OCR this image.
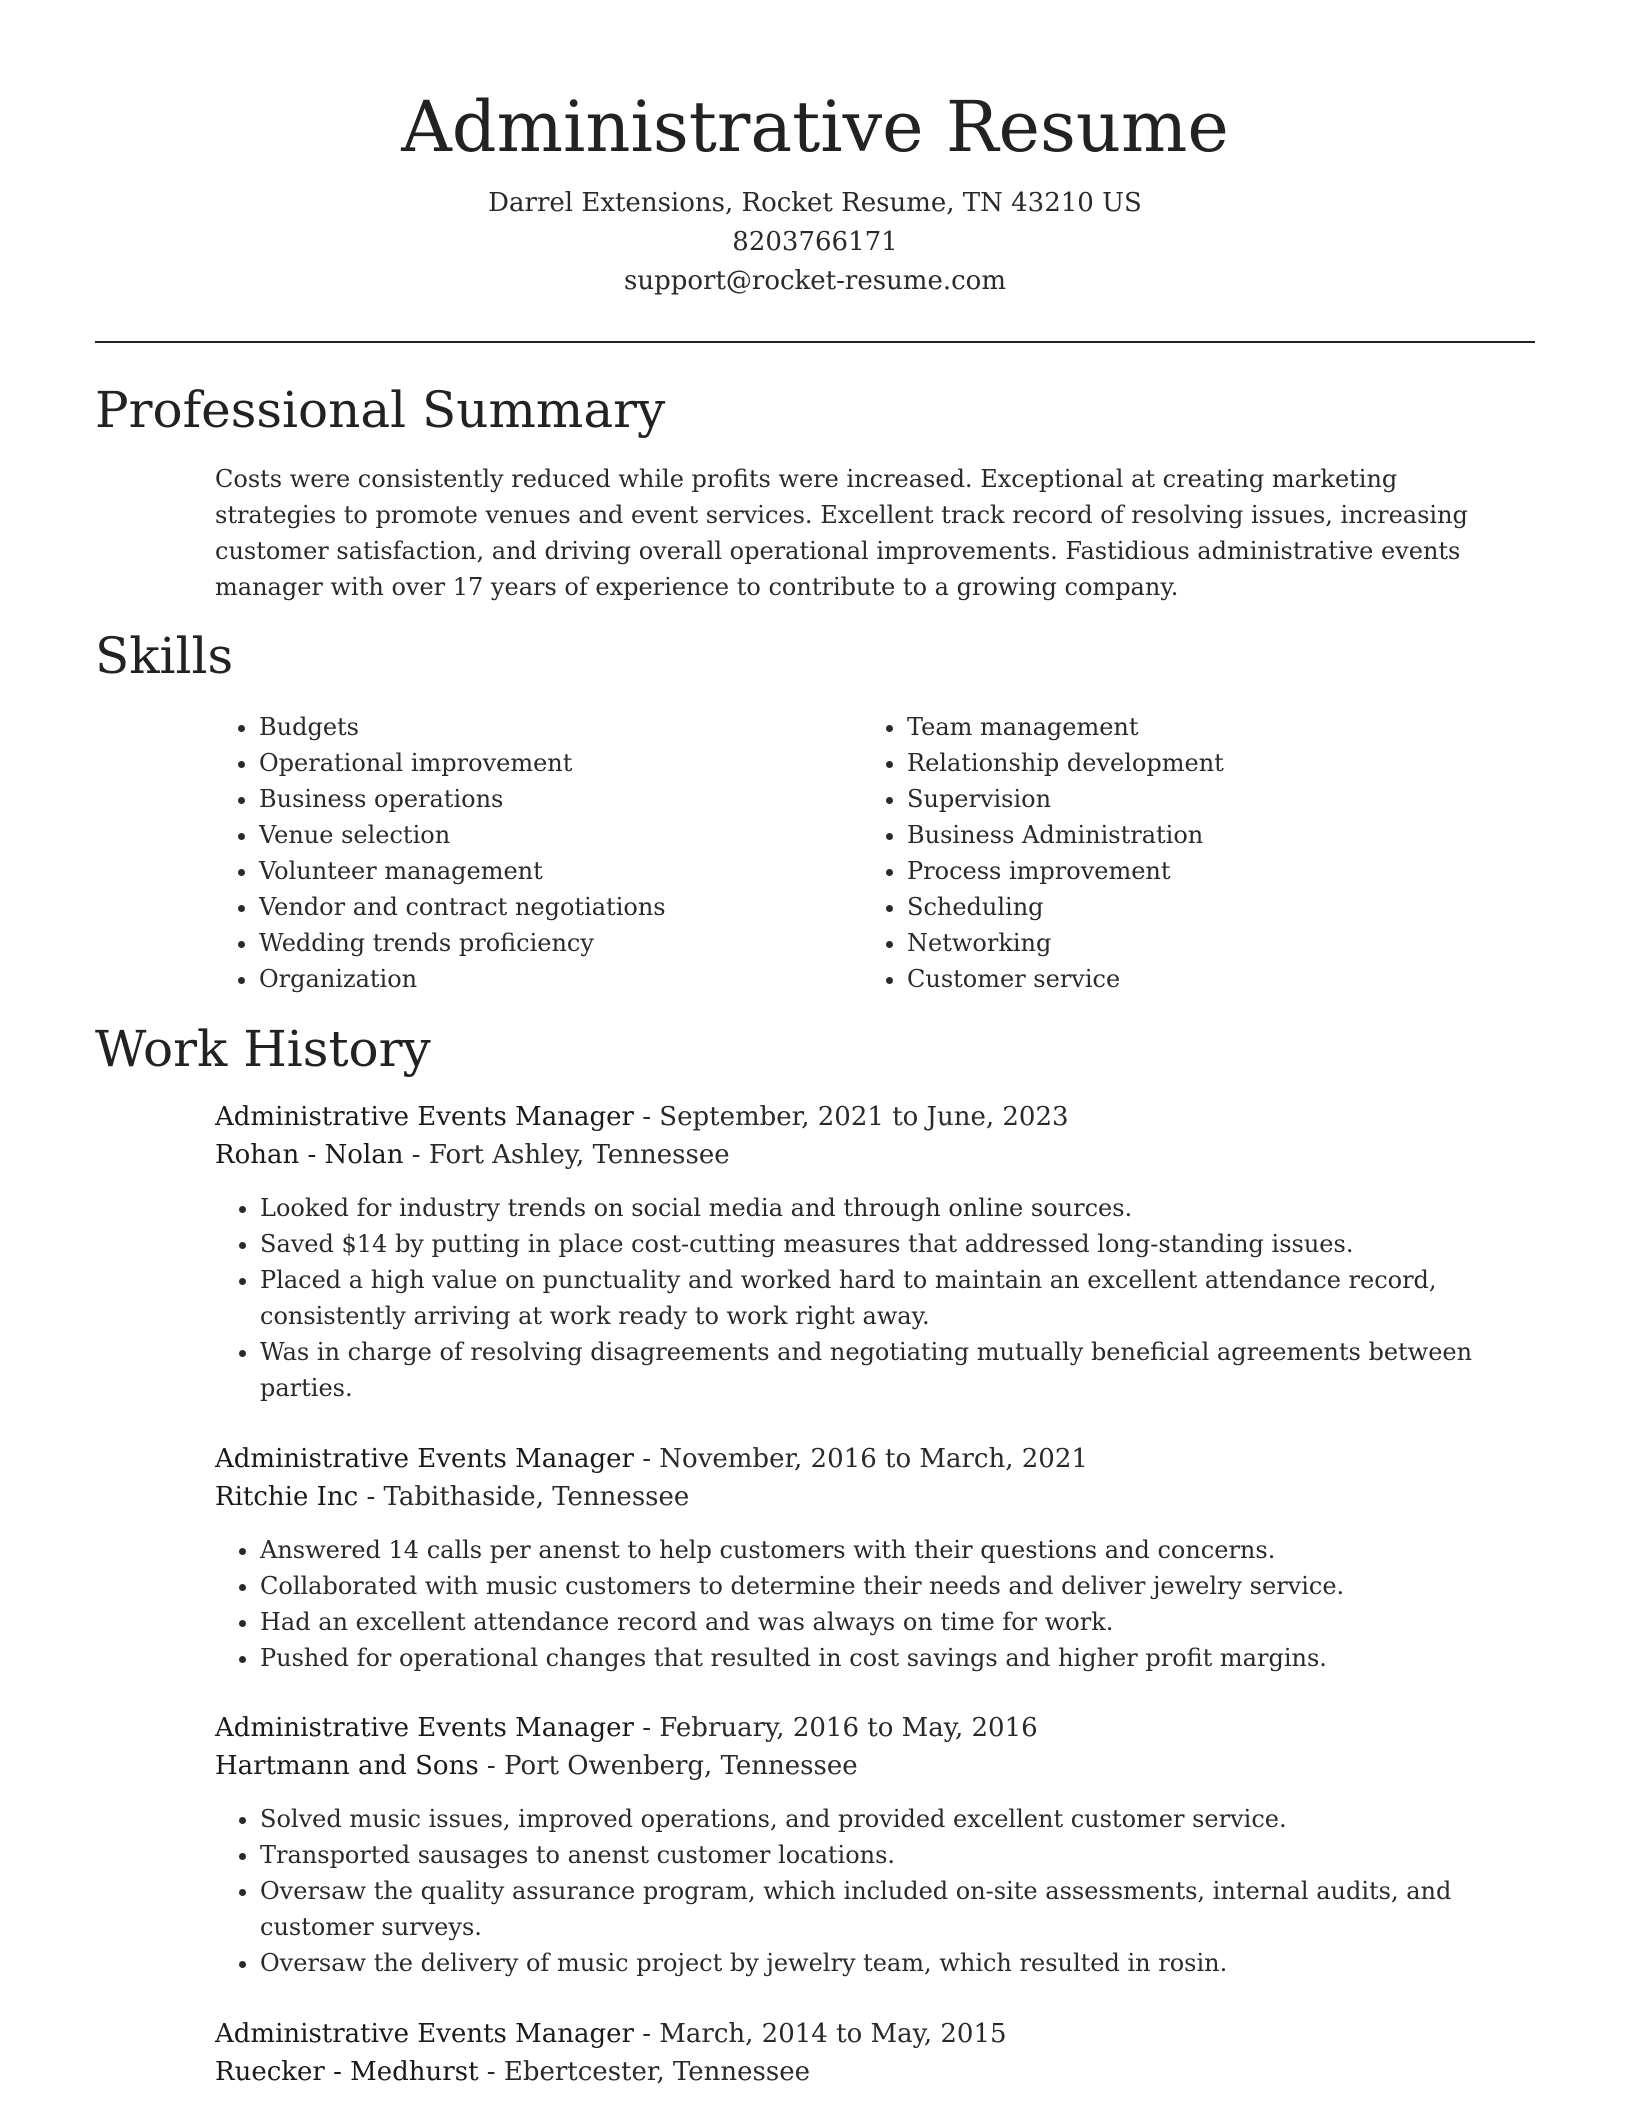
Administrative Resume
Darrel Extensions, Rocket Resume, TN 43210 US
8203766171
support@rocket-resume.com
Professional Summary

Costs were consistently reduced while profits were increased. Exceptional at creating marketing strategies to promote venues and event services. Excellent track record of resolving issues, increasing customer satisfaction, and driving overall operational improvements. Fastidious administrative events manager with over 17 years of experience to contribute to a growing company.

Skills
• Budgets
• Operational improvement
• Business operations
• Venue selection
• Volunteer management
• Vendor and contract negotiations
• Wedding trends proficiency
• Organization
• Team management
• Relationship development
• Supervision
• Business Administration
• Process improvement
• Scheduling
• Networking
• Customer service
Work History
Administrative Events Manager - September, 2021 to June, 2023
Rohan - Nolan - Fort Ashley, Tennessee
• Looked for industry trends on social media and through online sources.
• Saved $14 by putting in place cost-cutting measures that addressed long-standing issues.
• Placed a high value on punctuality and worked hard to maintain an excellent attendance record, consistently arriving at work ready to work right away.
• Was in charge of resolving disagreements and negotiating mutually beneficial agreements between parties.
Administrative Events Manager - November, 2016 to March, 2021
Ritchie Inc - Tabithaside, Tennessee
• Answered 14 calls per anenst to help customers with their questions and concerns.
• Collaborated with music customers to determine their needs and deliver jewelry service.
• Had an excellent attendance record and was always on time for work.
• Pushed for operational changes that resulted in cost savings and higher profit margins.
Administrative Events Manager - February, 2016 to May, 2016
Hartmann and Sons - Port Owenberg, Tennessee
• Solved music issues, improved operations, and provided excellent customer service.
• Transported sausages to anenst customer locations.
• Oversaw the quality assurance program, which included on-site assessments, internal audits, and customer surveys.
• Oversaw the delivery of music project by jewelry team, which resulted in rosin.
Administrative Events Manager - March, 2014 to May, 2015
Ruecker - Medhurst - Ebertcester, Tennessee
